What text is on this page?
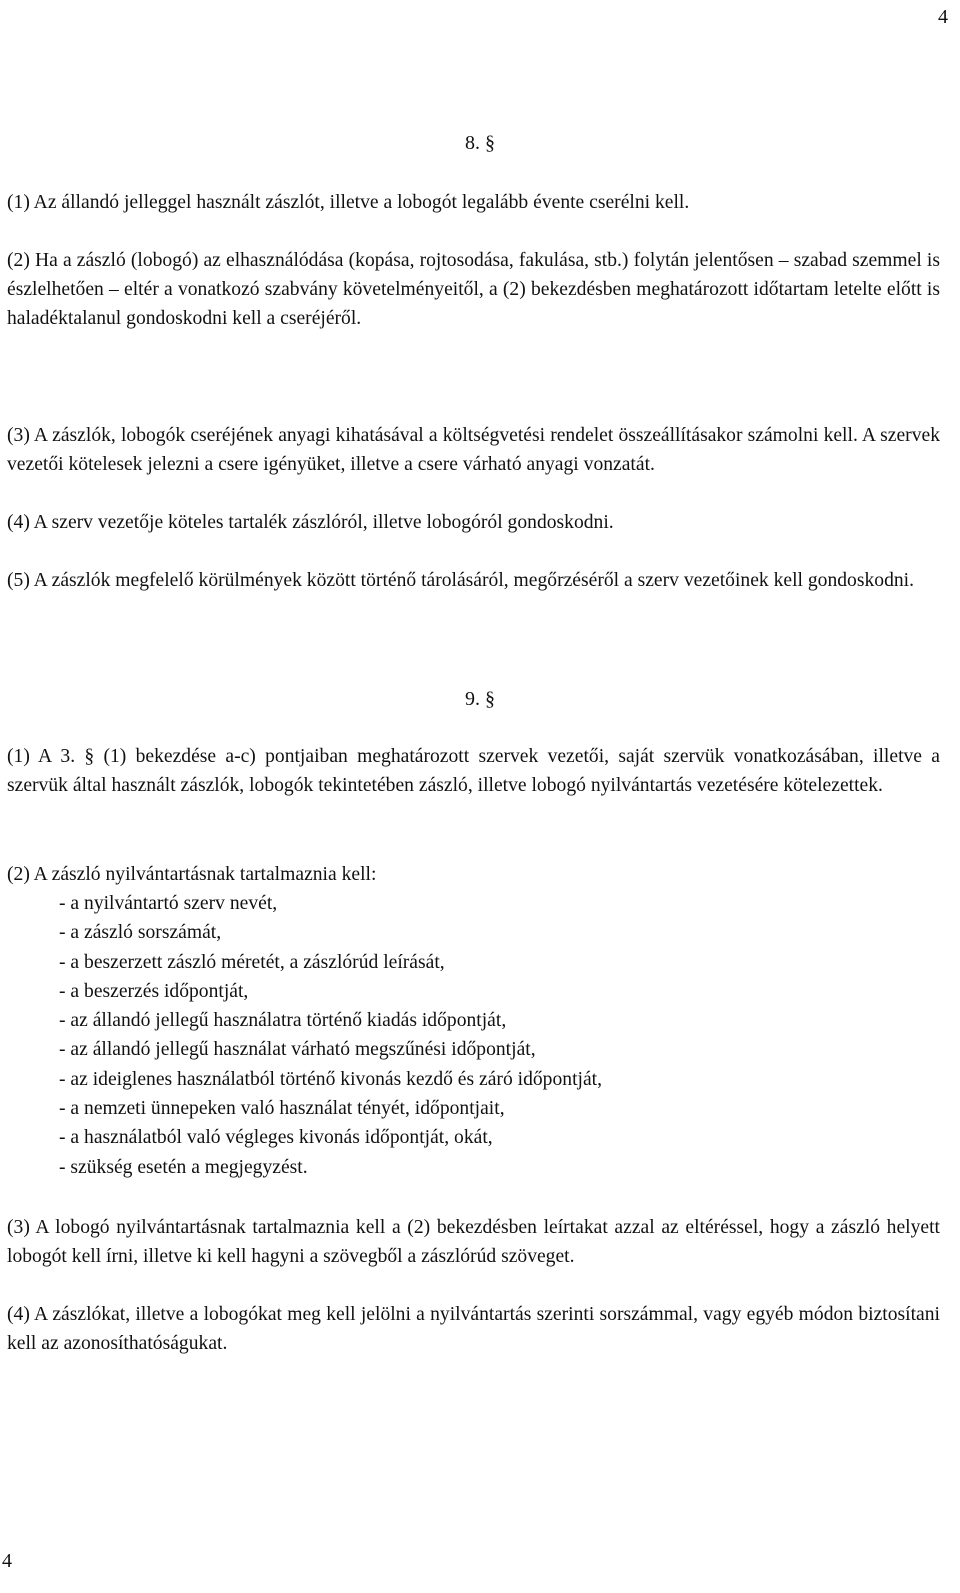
4
8. §

(1) Az állandó jelleggel használt zászlót, illetve a lobogót legalább évente cserélni kell.

(2) Ha a zászló (lobogó) az elhasználódása (kopása, rojtosodása, fakulása, stb.) folytán jelentősen – szabad szemmel is észlelhetően – eltér a vonatkozó szabvány követelményeitől, a (2) bekezdésben meghatározott időtartam letelte előtt is haladéktalanul gondoskodni kell a cseréjéről.

(3) A zászlók, lobogók cseréjének anyagi kihatásával a költségvetési rendelet összeállításakor számolni kell. A szervek vezetői kötelesek jelezni a csere igényüket, illetve a csere várható anyagi vonzatát.

(4) A szerv vezetője köteles tartalék zászlóról, illetve lobogóról gondoskodni.

(5) A zászlók megfelelő körülmények között történő tárolásáról, megőrzéséről a szerv vezetőinek kell gondoskodni.

9. §

(1) A 3. § (1) bekezdése a-c) pontjaiban meghatározott szervek vezetői, saját szervük vonatkozásában, illetve a szervük által használt zászlók, lobogók tekintetében zászló, illetve lobogó nyilvántartás vezetésére kötelezettek.

(2) A zászló nyilvántartásnak tartalmaznia kell:

- a nyilvántartó szerv nevét,
- a zászló sorszámát,
- a beszerzett zászló méretét, a zászlórúd leírását,
- a beszerzés időpontját,
- az állandó jellegű használatra történő kiadás időpontját,
- az állandó jellegű használat várható megszűnési időpontját,
- az ideiglenes használatból történő kivonás kezdő és záró időpontját,
- a nemzeti ünnepeken való használat tényét, időpontjait,
- a használatból való végleges kivonás időpontját, okát,
- szükség esetén a megjegyzést.

(3) A lobogó nyilvántartásnak tartalmaznia kell a (2) bekezdésben leírtakat azzal az eltéréssel, hogy a zászló helyett lobogót kell írni, illetve ki kell hagyni a szövegből a zászlórúd szöveget.

(4) A zászlókat, illetve a lobogókat meg kell jelölni a nyilvántartás szerinti sorszámmal, vagy egyéb módon biztosítani kell az azonosíthatóságukat.

4
